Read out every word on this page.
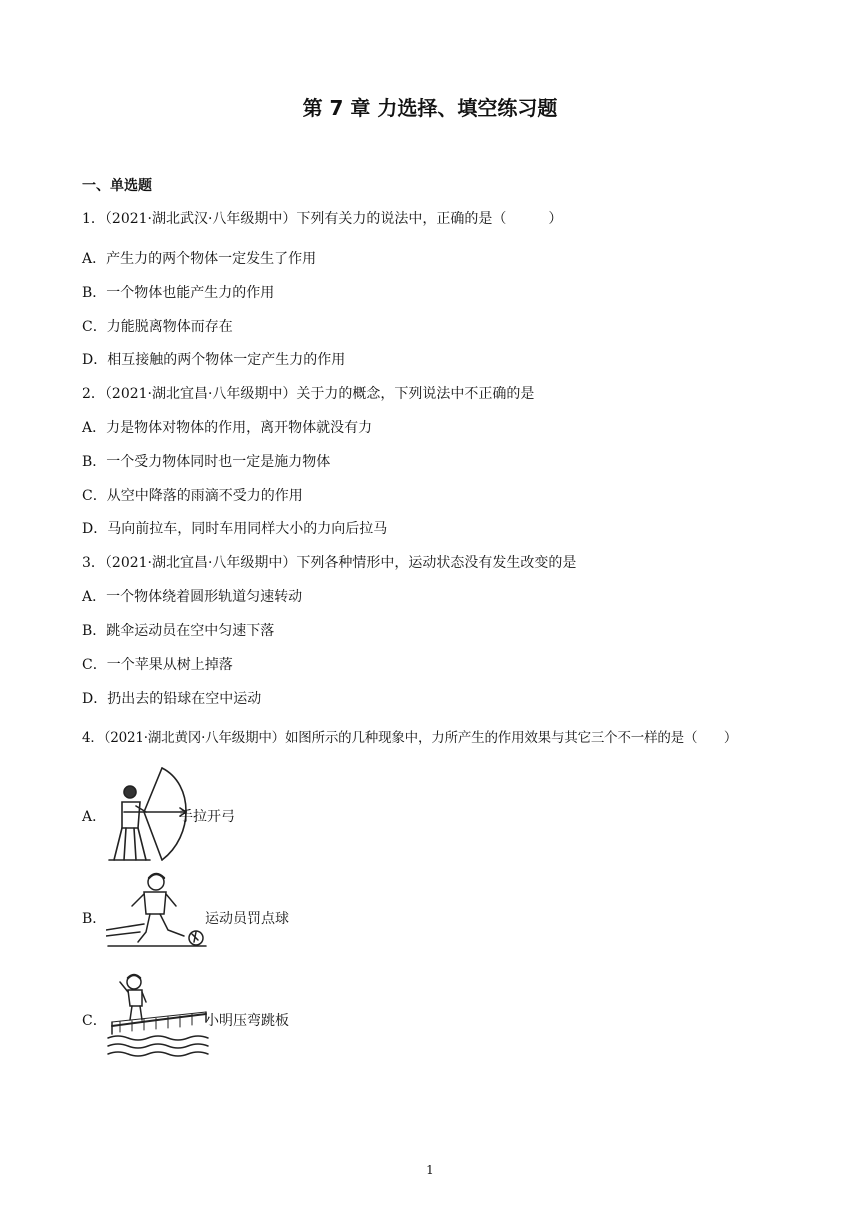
第 7 章 力选择、填空练习题
一、单选题
1．（2021·湖北武汉·八年级期中）下列有关力的说法中，正确的是（　　　）
A．产生力的两个物体一定发生了作用
B．一个物体也能产生力的作用
C．力能脱离物体而存在
D．相互接触的两个物体一定产生力的作用
2．（2021·湖北宜昌·八年级期中）关于力的概念，下列说法中不正确的是
A．力是物体对物体的作用，离开物体就没有力
B．一个受力物体同时也一定是施力物体
C．从空中降落的雨滴不受力的作用
D．马向前拉车，同时车用同样大小的力向后拉马
3．（2021·湖北宜昌·八年级期中）下列各种情形中，运动状态没有发生改变的是
A．一个物体绕着圆形轨道匀速转动
B．跳伞运动员在空中匀速下落
C．一个苹果从树上掉落
D．扔出去的铅球在空中运动
4．（2021·湖北黄冈·八年级期中）如图所示的几种现象中，力所产生的作用效果与其它三个不一样的是（　　）
A．	手拉开弓
B．	运动员罚点球
C．	小明压弯跳板
1
